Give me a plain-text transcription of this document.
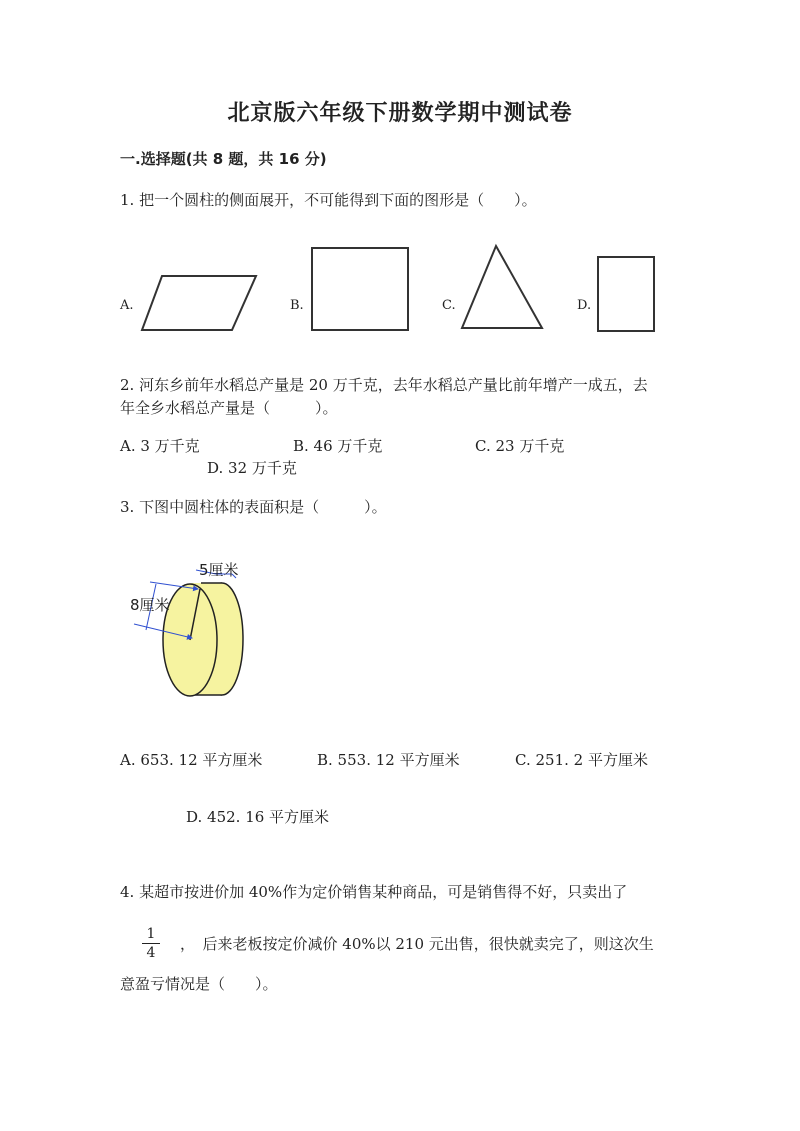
北京版六年级下册数学期中测试卷
一.选择题(共 8 题，共 16 分)
1. 把一个圆柱的侧面展开，不可能得到下面的图形是（　　）。
A.	B.	C.	D.
2. 河东乡前年水稻总产量是 20 万千克，去年水稻总产量比前年增产一成五，去
年全乡水稻总产量是（　　　）。
A. 3 万千克	B. 46 万千克	C. 23 万千克
D. 32 万千克
3. 下图中圆柱体的表面积是（　　　）。
5厘米
8厘米
A. 653. 12 平方厘米	B. 553. 12 平方厘米	C. 251. 2 平方厘米
D. 452. 16 平方厘米
4. 某超市按进价加 40%作为定价销售某种商品，可是销售得不好，只卖出了
1
4	，　后来老板按定价减价 40%以 210 元出售，很快就卖完了，则这次生
意盈亏情况是（　　）。
